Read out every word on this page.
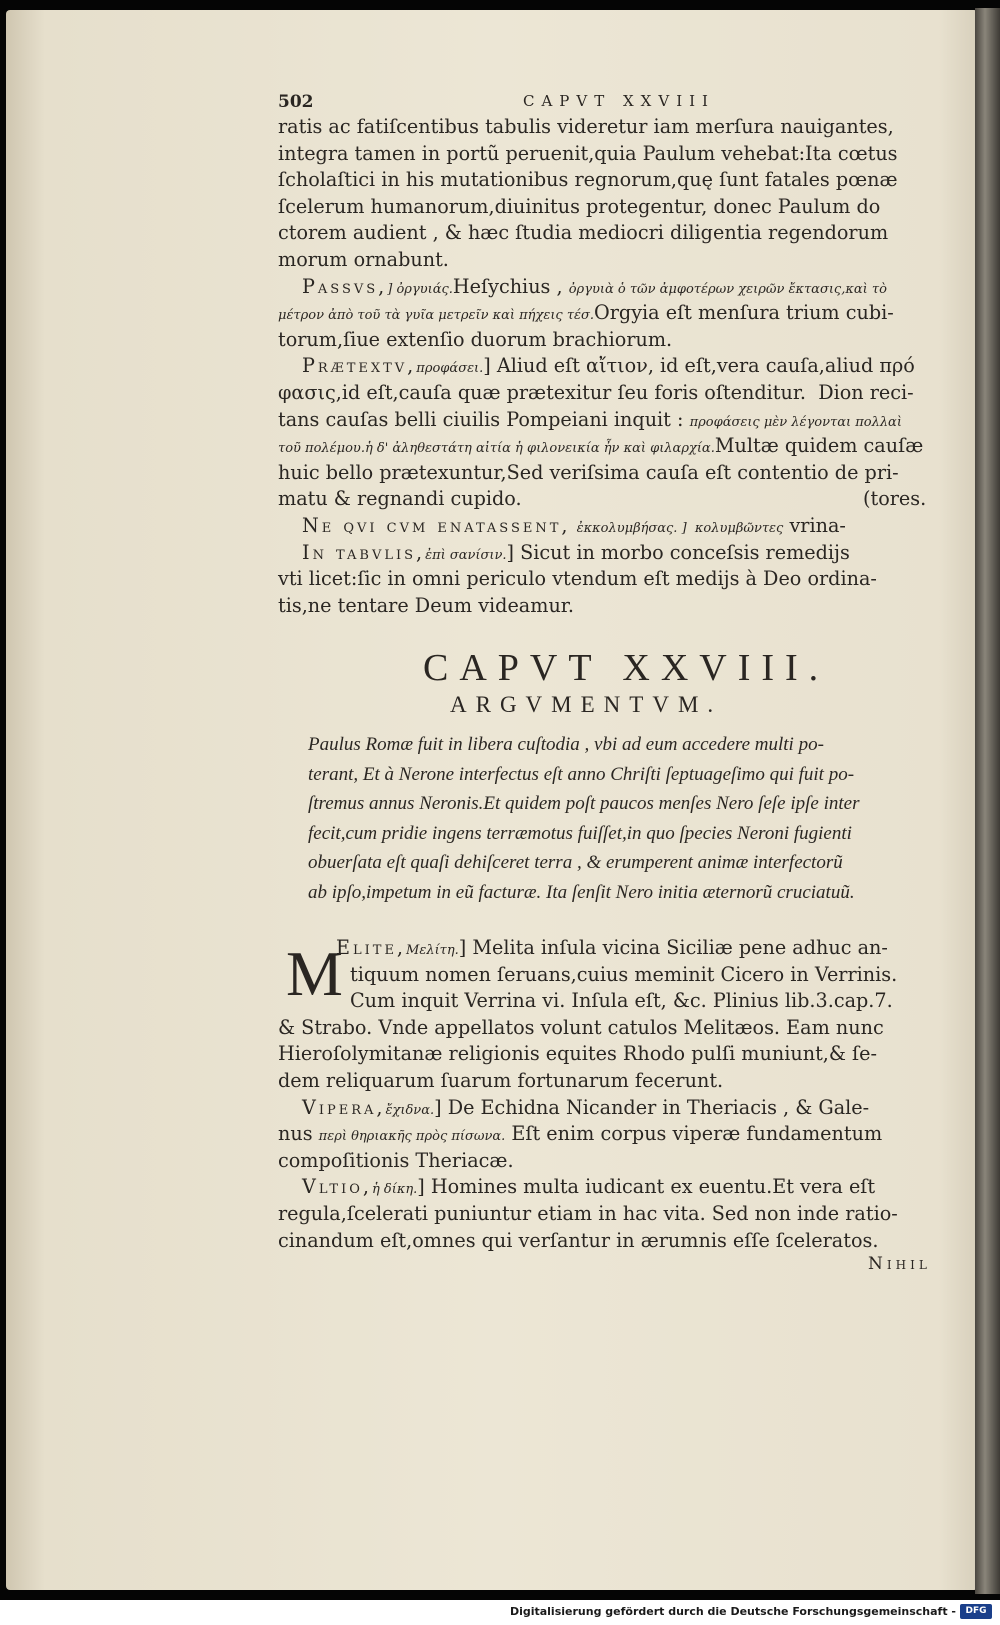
502	CAPVT XXVIII
ratis ac fatiſcentibus tabulis videretur iam merſura nauigantes,
integra tamen in portũ peruenit,quia Paulum vehebat:Ita cœtus
ſcholaſtici in his mutationibus regnorum,quę ſunt fatales pœnæ
ſcelerum humanorum,diuinitus protegentur, donec Paulum do
ctorem audient , & hæc ſtudia mediocri diligentia regendorum
morum ornabunt.
Passvs,] ὀργυιάς.Heſychius , ὀργυιὰ ὁ τῶν ἀμφοτέρων χειρῶν ἔκτασις,καὶ τὸ
μέτρον ἀπὸ τοῦ τὰ γυῖα μετρεῖν καὶ πήχεις τέσ.Orgyia eſt menſura trium cubi-
torum,ſiue extenſio duorum brachiorum.
Prætextv,προφάσει.] Aliud eſt αἴτιον, id eſt,vera cauſa,aliud πρό
φασις,id eſt,cauſa quæ prætexitur ſeu foris oſtenditur.  Dion reci-
tans cauſas belli ciuilis Pompeiani inquit : προφάσεις μὲν λέγονται πολλαὶ
τοῦ πολέμου.ἡ δ' ἀληθεστάτη αἰτία ἡ φιλονεικία ἦν καὶ φιλαρχία.Multæ quidem cauſæ
huic bello prætexuntur,Sed veriſsima cauſa eſt contentio de pri-
matu & regnandi cupido.	(tores.
Ne qvi cvm enatassent, ἐκκολυμβήσας. ]  κολυμβῶντες vrina-
In tabvlis,ἐπὶ σανίσιν.] Sicut in morbo conceſsis remedijs
vti licet:ſic in omni periculo vtendum eſt medijs à Deo ordina-
tis,ne tentare Deum videamur.
CAPVT XXVIII.
ARGVMENTVM.
Paulus Romæ fuit in libera cuſtodia , vbi ad eum accedere multi po-
terant, Et à Nerone interfectus eſt anno Chriſti ſeptuageſimo qui fuit po-
ſtremus annus Neronis.Et quidem poſt paucos menſes Nero ſeſe ipſe inter
fecit,cum pridie ingens terræmotus fuiſſet,in quo ſpecies Neroni fugienti
obuerſata eſt quaſi dehiſceret terra , & erumperent animæ interfectorũ
ab ipſo,impetum in eũ facturæ. Ita ſenſit Nero initia æternorũ cruciatuũ.
M
Elite,Μελίτη.] Melita inſula vicina Siciliæ pene adhuc an-
tiquum nomen ſeruans,cuius meminit Cicero in Verrinis.
Cum inquit Verrina vi. Inſula eſt, &c. Plinius lib.3.cap.7.
& Strabo. Vnde appellatos volunt catulos Melitæos. Eam nunc
Hieroſolymitanæ religionis equites Rhodo pulſi muniunt,& ſe-
dem reliquarum ſuarum fortunarum fecerunt.
Vipera,ἔχιδνα.] De Echidna Nicander in Theriacis , & Gale-
nus περὶ θηριακῆς πρὸς πίσωνα. Eſt enim corpus viperæ fundamentum
compoſitionis Theriacæ.
Vltio,ἡ δίκη.] Homines multa iudicant ex euentu.Et vera eſt
regula,ſcelerati puniuntur etiam in hac vita. Sed non inde ratio-
cinandum eſt,omnes qui verſantur in ærumnis eſſe ſceleratos.
Nihil
Digitalisierung gefördert durch die Deutsche Forschungsgemeinschaft -	DFG
